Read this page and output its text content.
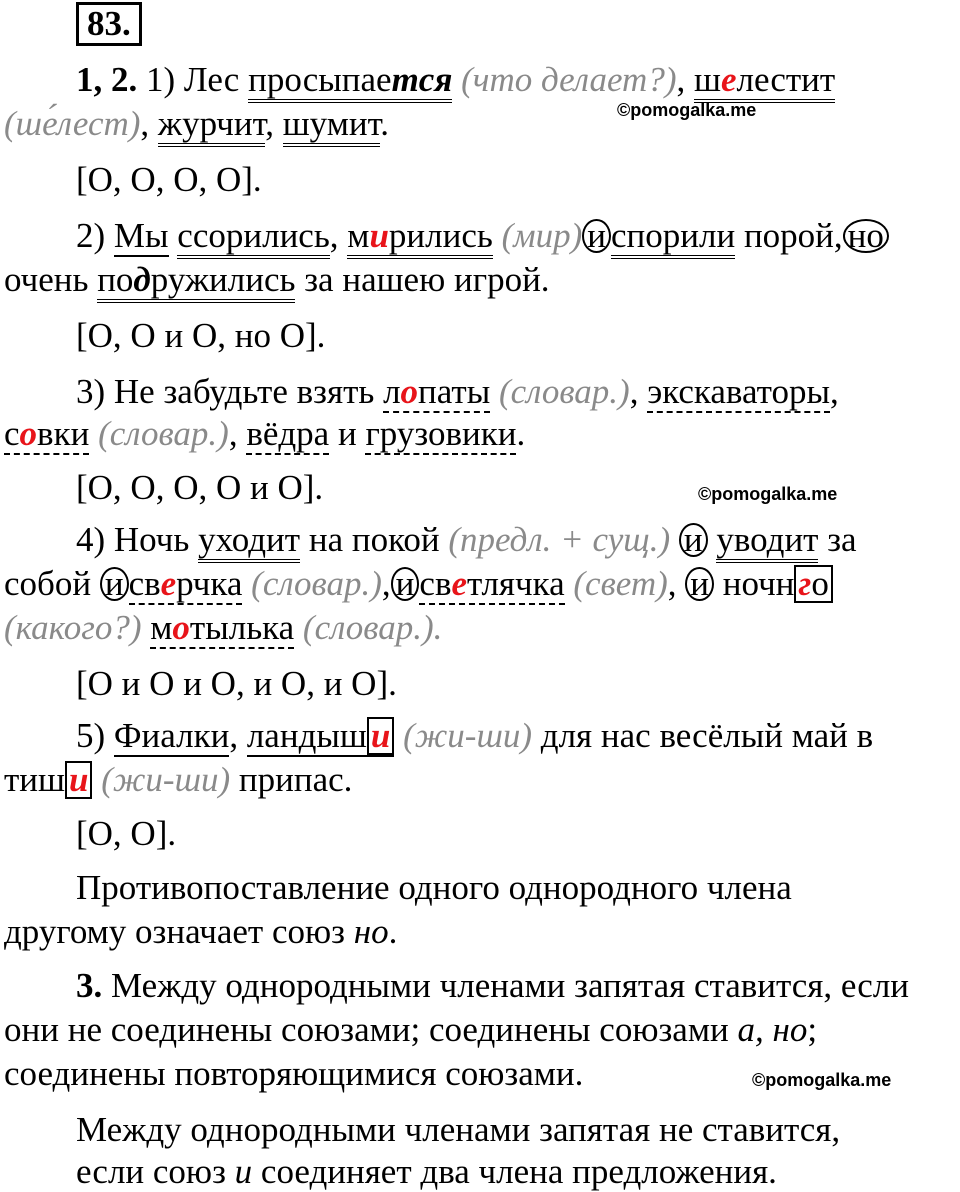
83.
1, 2. 1) Лес просыпается (что делает?), шелестит
©pomogalka.me
(ше́лест), журчит, шумит.
[О, О, О, О].
2) Мы ссорились, мирились (мир) и спорили порой, но
очень подружились за нашею игрой.
[О, О и О, но О].
3) Не забудьте взять лопаты (словар.), экскаваторы,
совки (словар.), вёдра и грузовики.
[О, О, О, О и О].	©pomogalka.me
4) Ночь уходит на покой (предл. + сущ.) и уводит за
собой и сверчка (словар.), и светлячка (свет), и ночн го
(какого?) мотылька (словар.).
[О и О и О, и О, и О].
5) Фиалки, ландыш и (жи-ши) для нас весёлый май в
тиш и (жи-ши) припас.
[О, О].
Противопоставление одного однородного члена
другому означает союз но.
3. Между однородными членами запятая ставится, если
они не соединены союзами; соединены союзами а, но;
соединены повторяющимися союзами.	©pomogalka.me
Между однородными членами запятая не ставится,
если союз и соединяет два члена предложения.
